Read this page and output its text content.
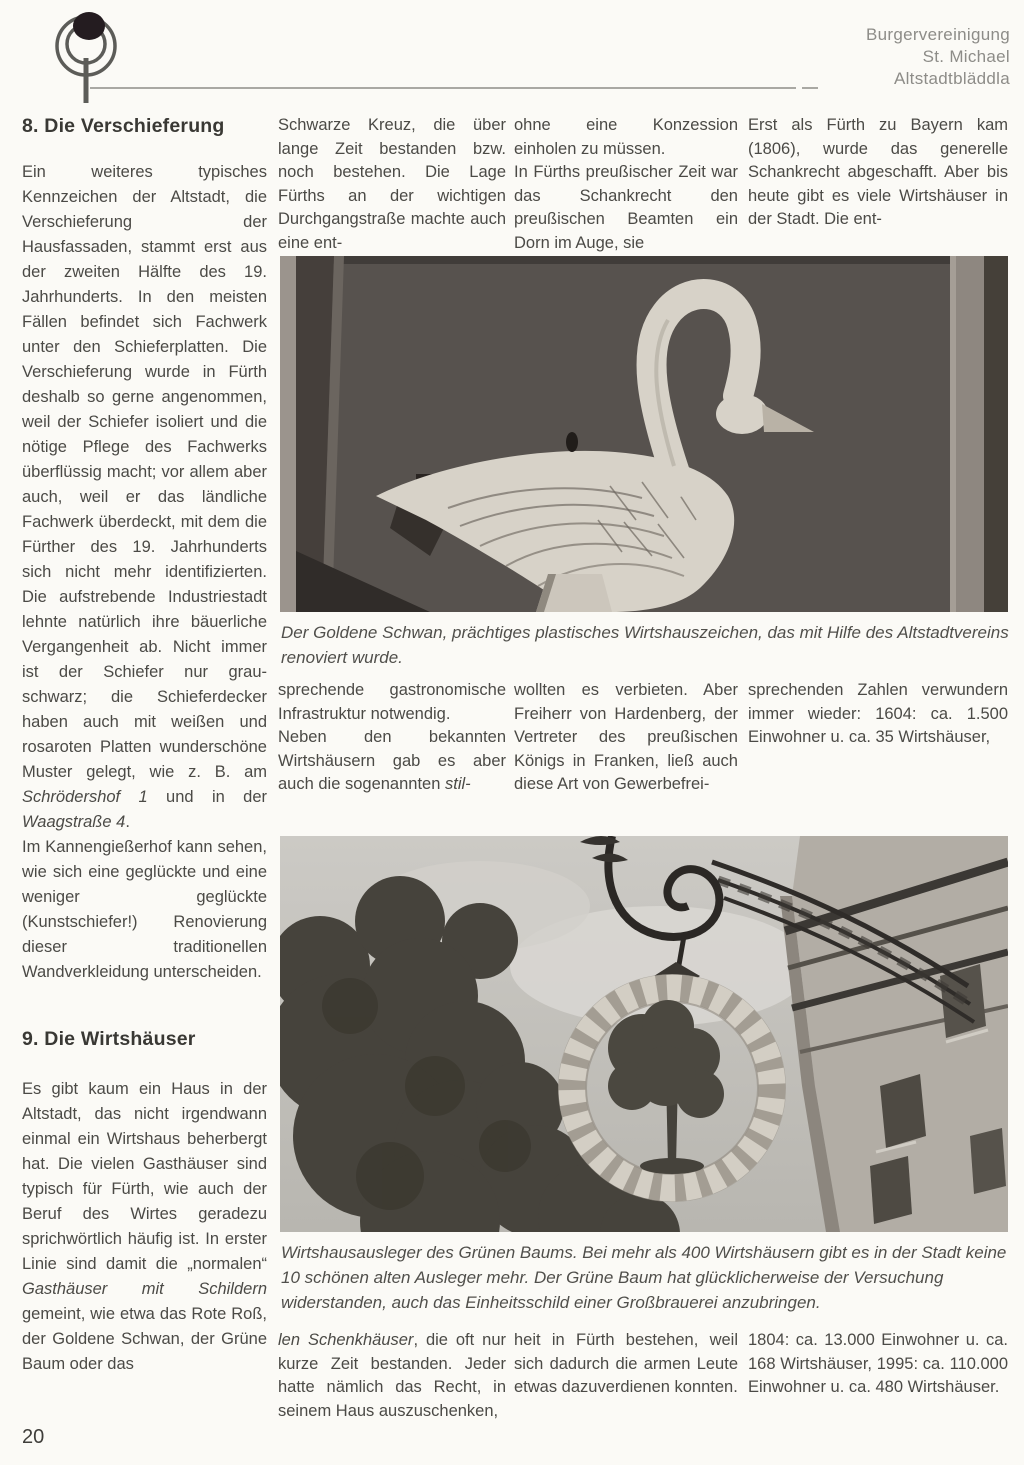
Burgervereinigung
St. Michael
Altstadtbläddla
8. Die Verschieferung

Ein weiteres typisches Kennzeichen der Altstadt, die Verschieferung der Hausfassaden, stammt erst aus der zweiten Hälfte des 19. Jahrhunderts. In den meisten Fällen befindet sich Fachwerk unter den Schieferplatten. Die Verschieferung wurde in Fürth deshalb so gerne angenommen, weil der Schiefer isoliert und die nötige Pflege des Fachwerks überflüssig macht; vor allem aber auch, weil er das ländliche Fachwerk überdeckt, mit dem die Fürther des 19. Jahrhunderts sich nicht mehr identifizierten. Die aufstrebende Industriestadt lehnte natürlich ihre bäuerliche Vergangenheit ab. Nicht immer ist der Schiefer nur grau-schwarz; die Schieferdecker haben auch mit weißen und rosaroten Platten wunderschöne Muster gelegt, wie z. B. am Schrödershof 1 und in der Waagstraße 4.

Im Kannengießerhof kann sehen, wie sich eine geglückte und eine weniger geglückte (Kunstschiefer!) Renovierung dieser traditionellen Wandverkleidung unterscheiden.

9. Die Wirtshäuser

Es gibt kaum ein Haus in der Altstadt, das nicht irgendwann einmal ein Wirtshaus beherbergt hat. Die vielen Gasthäuser sind typisch für Fürth, wie auch der Beruf des Wirtes geradezu sprichwörtlich häufig ist. In erster Linie sind damit die „normalen“ Gasthäuser mit Schildern gemeint, wie etwa das Rote Roß, der Goldene Schwan, der Grüne Baum oder das

Schwarze Kreuz, die über lange Zeit bestanden bzw. noch bestehen. Die Lage Fürths an der wichtigen Durchgangstraße machte auch eine ent-

ohne eine Konzession einholen zu müssen.

In Fürths preußischer Zeit war das Schankrecht den preußischen Beamten ein Dorn im Auge, sie

Erst als Fürth zu Bayern kam (1806), wurde das generelle Schankrecht abgeschafft. Aber bis heute gibt es viele Wirtshäuser in der Stadt. Die ent-

Der Goldene Schwan, prächtiges plastisches Wirtshauszeichen, das mit Hilfe des Altstadtvereins renoviert wurde.

sprechende gastronomische Infrastruktur notwendig.

Neben den bekannten Wirtshäusern gab es aber auch die sogenannten stil-

wollten es verbieten. Aber Freiherr von Hardenberg, der Vertreter des preußischen Königs in Franken, ließ auch diese Art von Gewerbefrei-

sprechenden Zahlen verwundern immer wieder: 1604: ca. 1.500 Einwohner u. ca. 35 Wirtshäuser,

Wirtshausausleger des Grünen Baums. Bei mehr als 400 Wirtshäusern gibt es in der Stadt keine 10 schönen alten Ausleger mehr. Der Grüne Baum hat glücklicherweise der Versuchung widerstanden, auch das Einheitsschild einer Großbrauerei anzubringen.

len Schenkhäuser, die oft nur kurze Zeit bestanden. Jeder hatte nämlich das Recht, in seinem Haus auszuschenken,

heit in Fürth bestehen, weil sich dadurch die armen Leute etwas dazuverdienen konnten.

1804: ca. 13.000 Einwohner u. ca. 168 Wirtshäuser, 1995: ca. 110.000 Einwohner u. ca. 480 Wirtshäuser.

20
